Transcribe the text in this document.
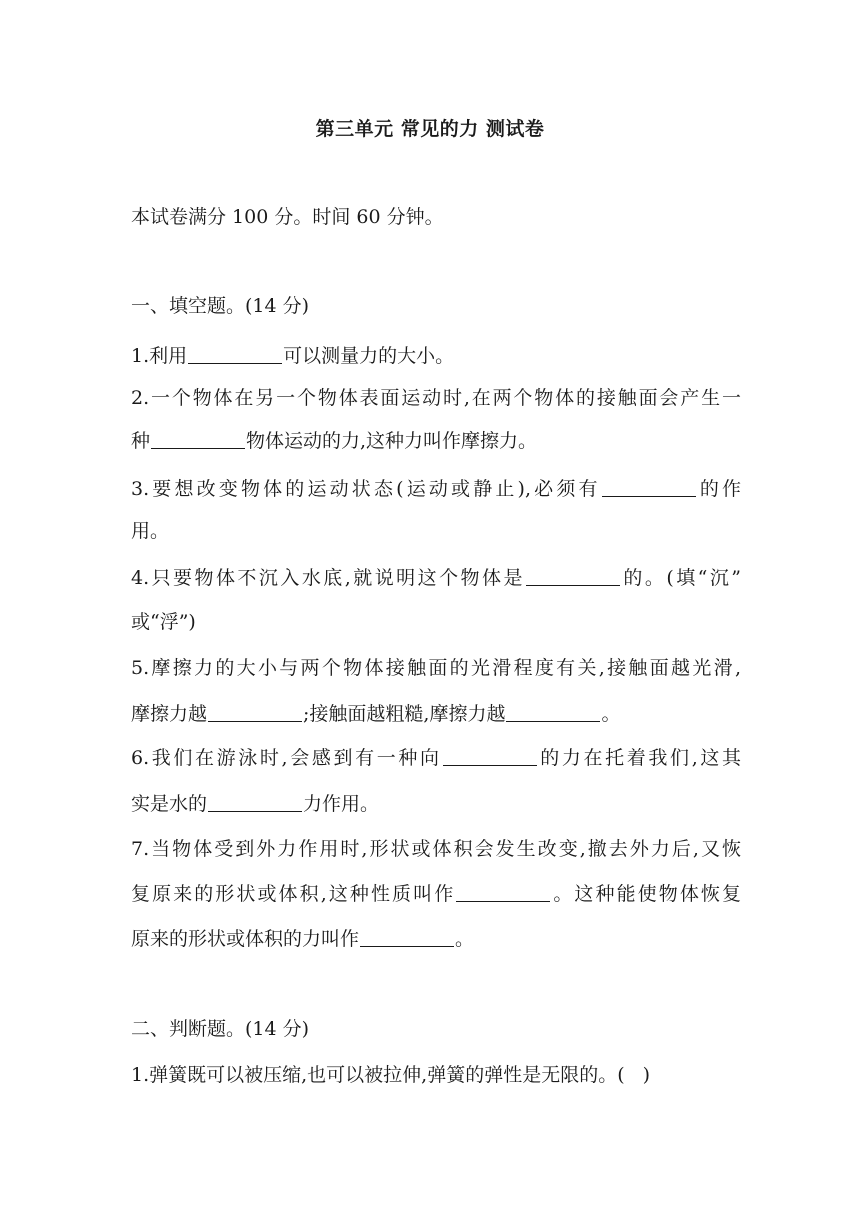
第三单元 常见的力 测试卷
本试卷满分 100 分。时间 60 分钟。
一、填空题。(14 分)
1.利用	可以测量力的大小。
2.一个物体在另一个物体表面运动时,在两个物体的接触面会产生一
种	物体运动的力,这种力叫作摩擦力。
3.要想改变物体的运动状态(运动或静止),必须有	的作
用。
4.只要物体不沉入水底,就说明这个物体是	的。(填“沉”
或“浮”)
5.摩擦力的大小与两个物体接触面的光滑程度有关,接触面越光滑,
摩擦力越	;接触面越粗糙,摩擦力越	。
6.我们在游泳时,会感到有一种向	的力在托着我们,这其
实是水的	力作用。
7.当物体受到外力作用时,形状或体积会发生改变,撤去外力后,又恢
复原来的形状或体积,这种性质叫作	。这种能使物体恢复
原来的形状或体积的力叫作	。
二、判断题。(14 分)
1.弹簧既可以被压缩,也可以被拉伸,弹簧的弹性是无限的。( )
